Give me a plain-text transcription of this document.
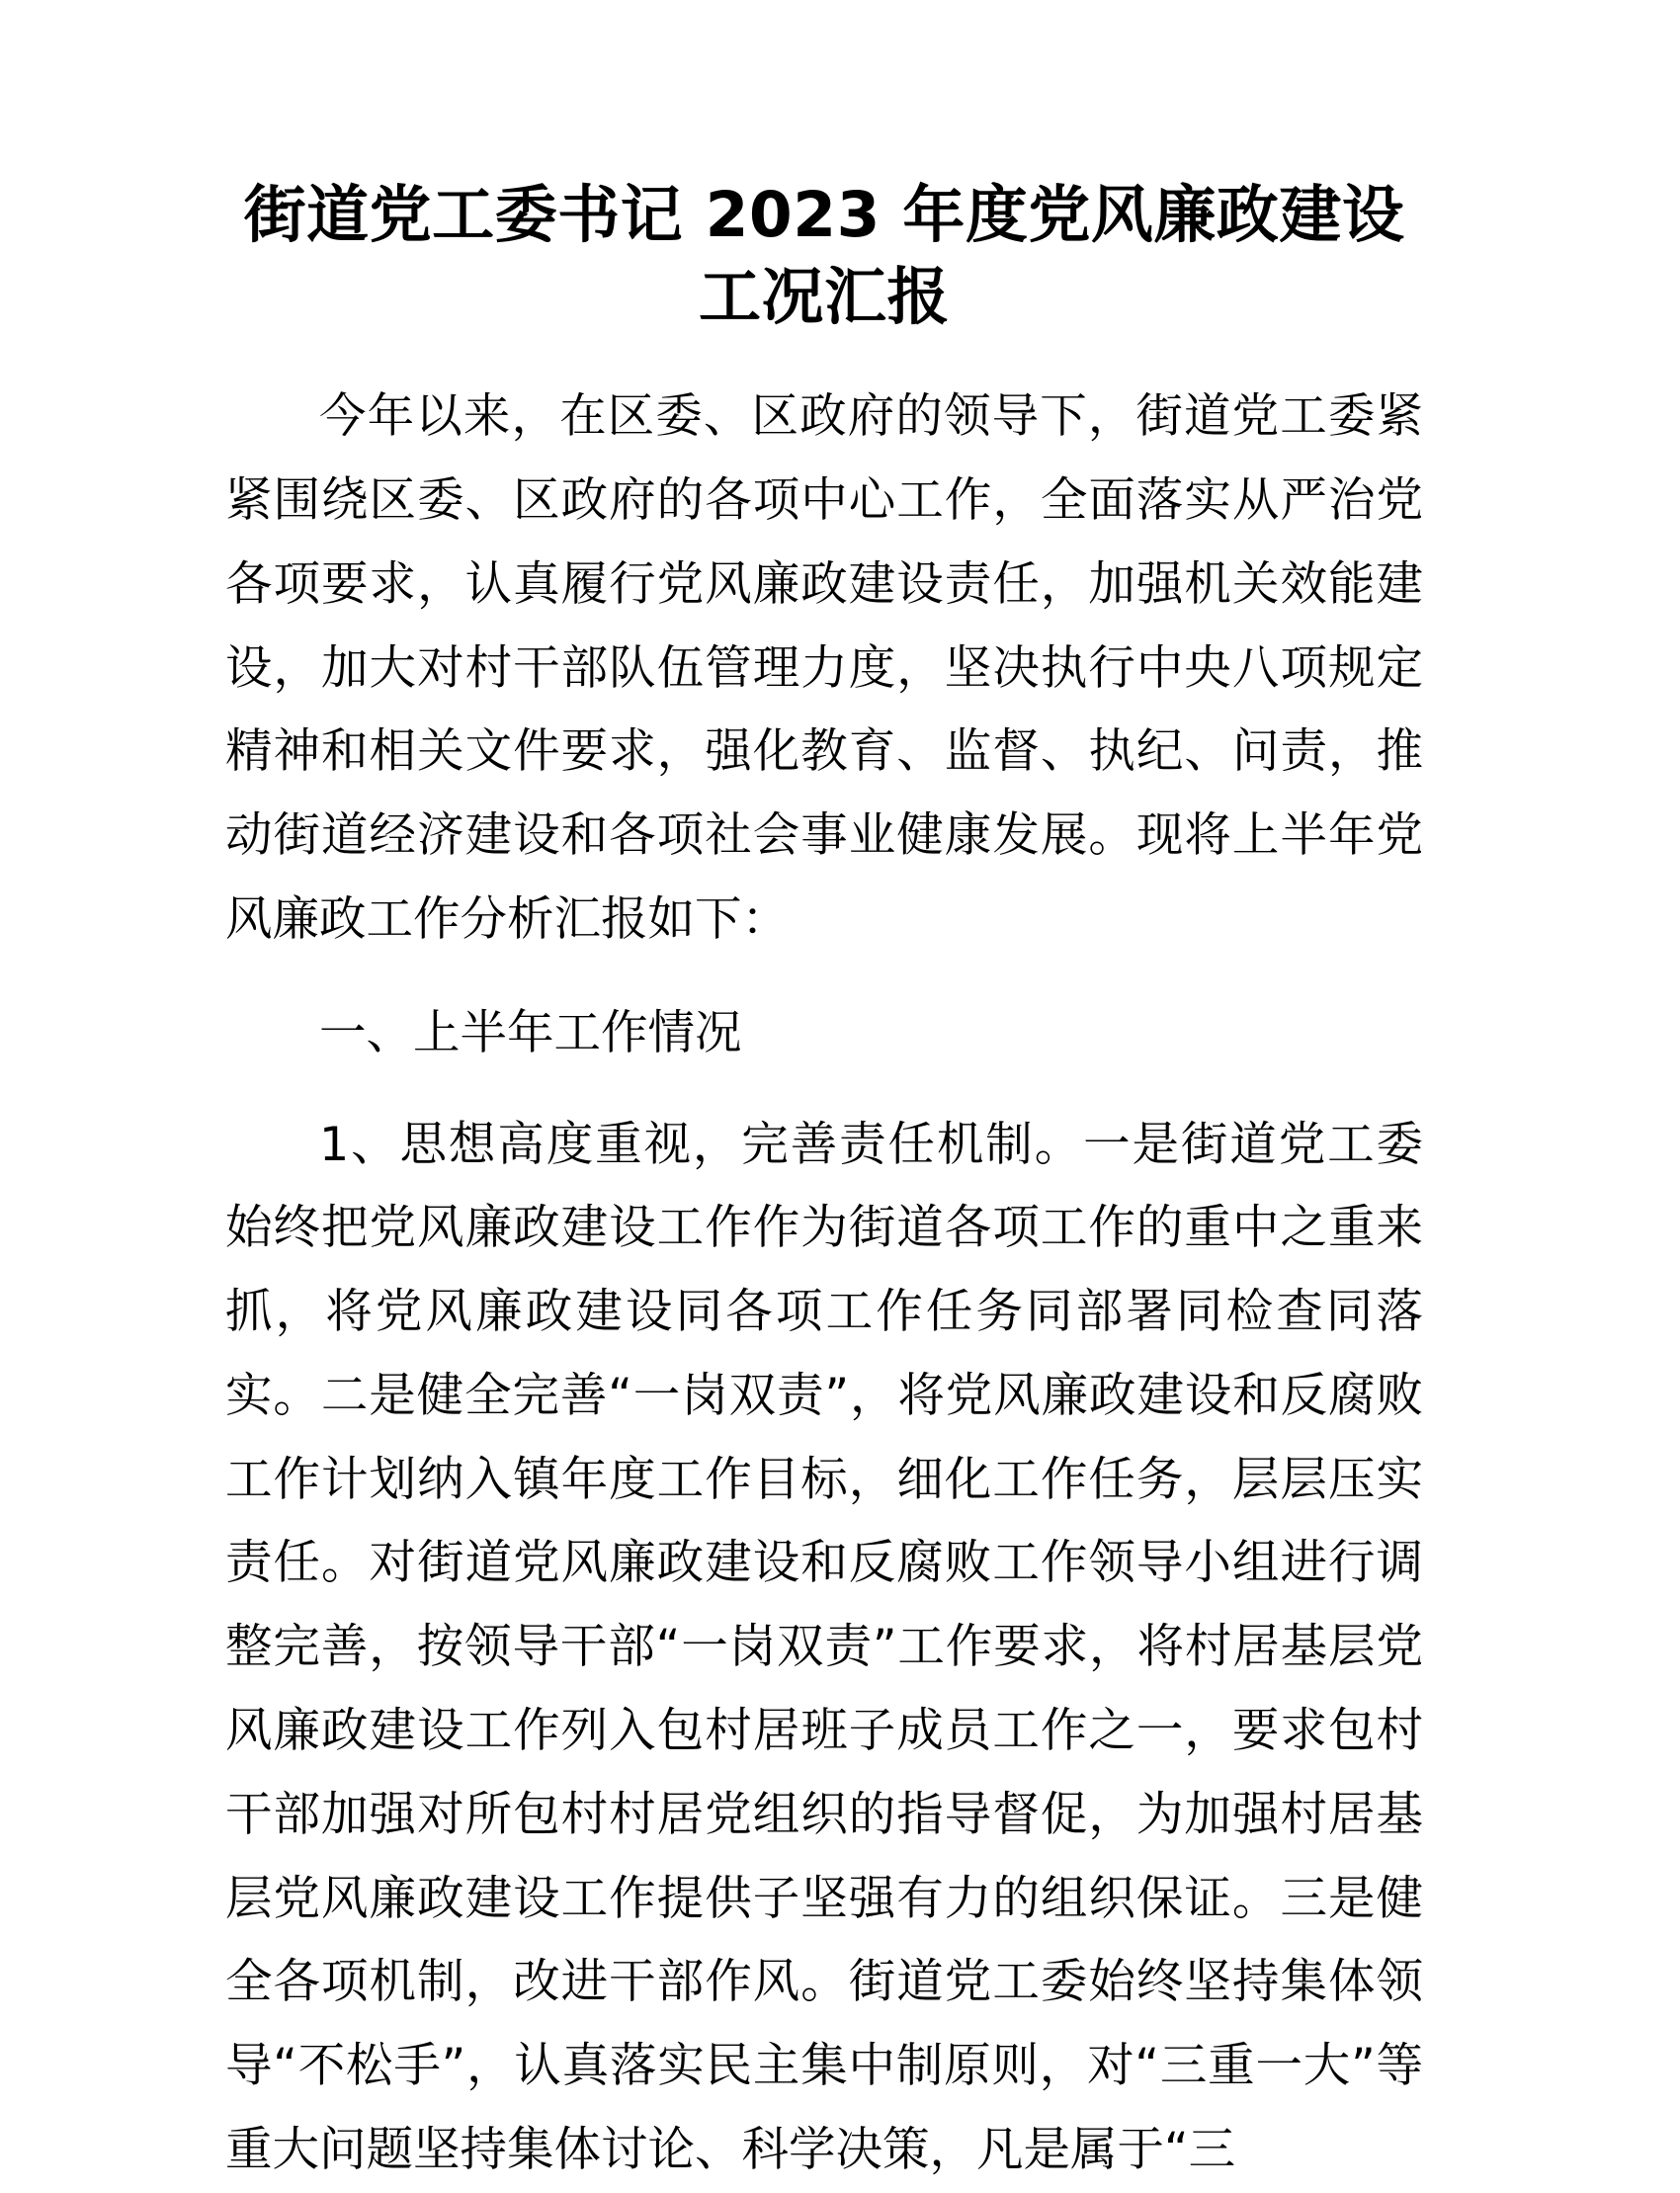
街道党工委书记 2023 年度党风廉政建设工况汇报

今年以来，在区委、区政府的领导下，街道党工委紧紧围绕区委、区政府的各项中心工作，全面落实从严治党各项要求，认真履行党风廉政建设责任，加强机关效能建设，加大对村干部队伍管理力度，坚决执行中央八项规定精神和相关文件要求，强化教育、监督、执纪、问责，推动街道经济建设和各项社会事业健康发展。现将上半年党风廉政工作分析汇报如下：

一、上半年工作情况

1、思想高度重视，完善责任机制。一是街道党工委始终把党风廉政建设工作作为街道各项工作的重中之重来抓，将党风廉政建设同各项工作任务同部署同检查同落实。二是健全完善“一岗双责”，将党风廉政建设和反腐败工作计划纳入镇年度工作目标，细化工作任务，层层压实责任。对街道党风廉政建设和反腐败工作领导小组进行调整完善，按领导干部“一岗双责”工作要求，将村居基层党风廉政建设工作列入包村居班子成员工作之一，要求包村干部加强对所包村村居党组织的指导督促，为加强村居基层党风廉政建设工作提供子坚强有力的组织保证。三是健全各项机制，改进干部作风。街道党工委始终坚持集体领导“不松手”，认真落实民主集中制原则，对“三重一大”等重大问题坚持集体讨论、科学决策，凡是属于“三
